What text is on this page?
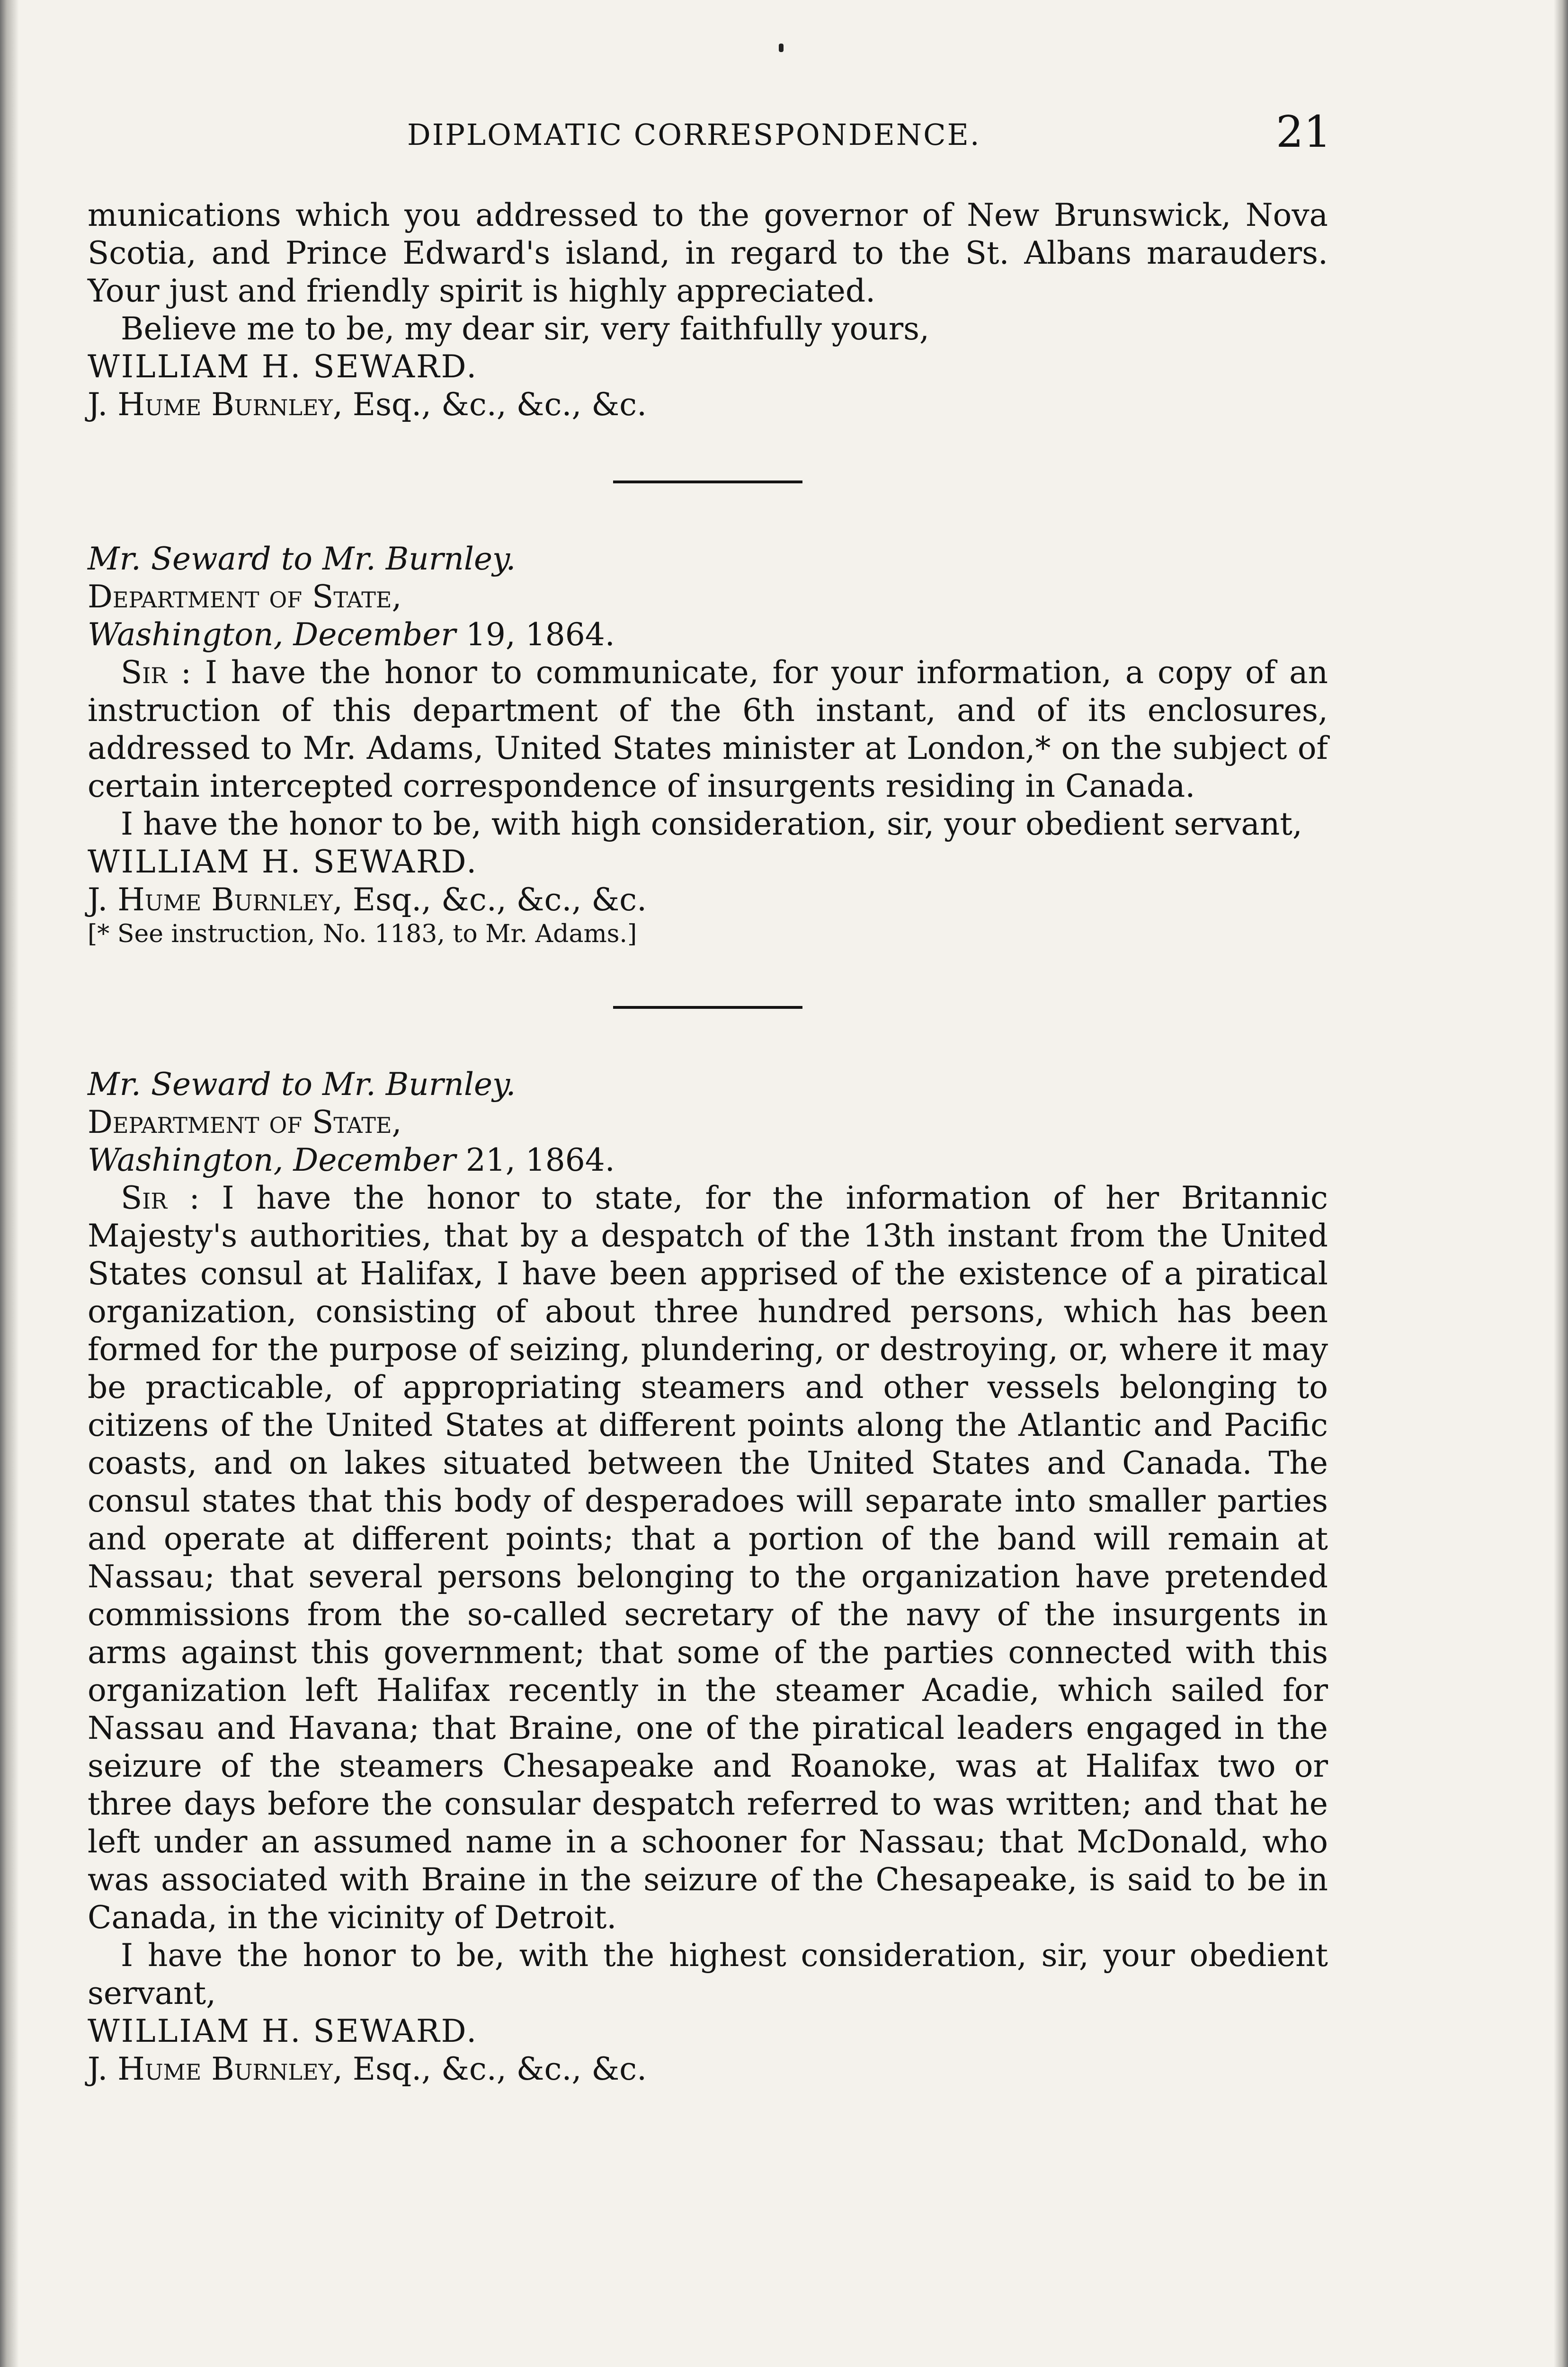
DIPLOMATIC CORRESPONDENCE.	21

munications which you addressed to the governor of New Brunswick, Nova Scotia, and Prince Edward's island, in regard to the St. Albans marauders. Your just and friendly spirit is highly appreciated.

Believe me to be, my dear sir, very faithfully yours,

WILLIAM H. SEWARD.

J. Hume Burnley, Esq., &c., &c., &c.

Mr. Seward to Mr. Burnley.

Department of State,

Washington, December 19, 1864.

Sir : I have the honor to communicate, for your information, a copy of an instruction of this department of the 6th instant, and of its enclosures, addressed to Mr. Adams, United States minister at London,* on the subject of certain intercepted correspondence of insurgents residing in Canada.

I have the honor to be, with high consideration, sir, your obedient servant,

WILLIAM H. SEWARD.

J. Hume Burnley, Esq., &c., &c., &c.

[* See instruction, No. 1183, to Mr. Adams.]

Mr. Seward to Mr. Burnley.

Department of State,

Washington, December 21, 1864.

Sir : I have the honor to state, for the information of her Britannic Majesty's authorities, that by a despatch of the 13th instant from the United States consul at Halifax, I have been apprised of the existence of a piratical organization, consisting of about three hundred persons, which has been formed for the purpose of seizing, plundering, or destroying, or, where it may be practicable, of appropriating steamers and other vessels belonging to citizens of the United States at different points along the Atlantic and Pacific coasts, and on lakes situated between the United States and Canada. The consul states that this body of desperadoes will separate into smaller parties and operate at different points; that a portion of the band will remain at Nassau; that several persons belonging to the organization have pretended commissions from the so-called secretary of the navy of the insurgents in arms against this government; that some of the parties connected with this organization left Halifax recently in the steamer Acadie, which sailed for Nassau and Havana; that Braine, one of the piratical leaders engaged in the seizure of the steamers Chesapeake and Roanoke, was at Halifax two or three days before the consular despatch referred to was written; and that he left under an assumed name in a schooner for Nassau; that McDonald, who was associated with Braine in the seizure of the Chesapeake, is said to be in Canada, in the vicinity of Detroit.

I have the honor to be, with the highest consideration, sir, your obedient servant,

WILLIAM H. SEWARD.

J. Hume Burnley, Esq., &c., &c., &c.
